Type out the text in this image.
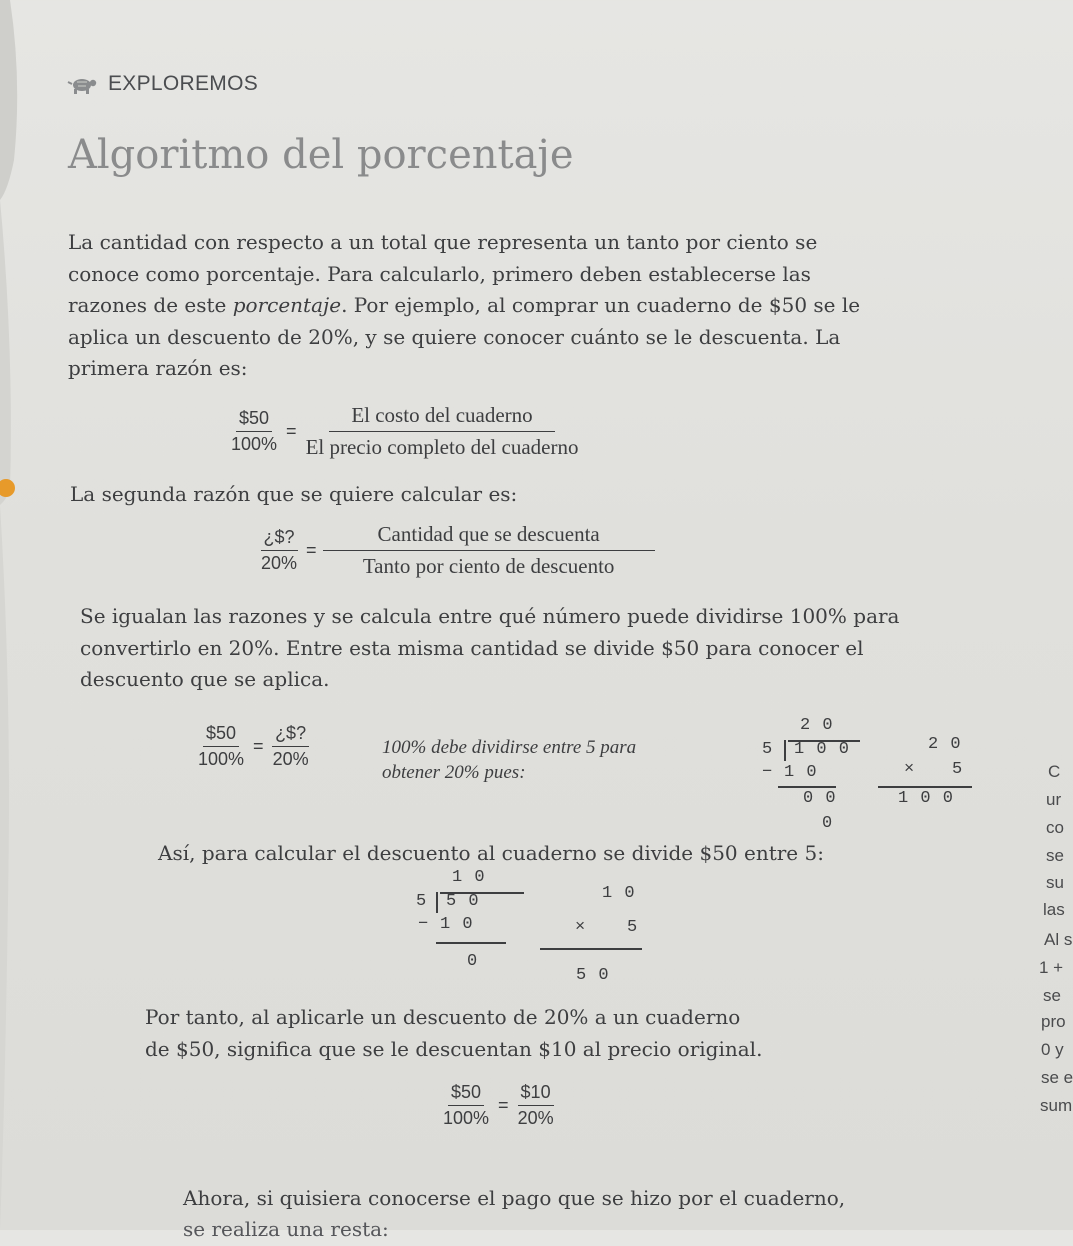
EXPLOREMOS
Algoritmo del porcentaje
La cantidad con respecto a un total que representa un tanto por ciento se
conoce como porcentaje. Para calcularlo, primero deben establecerse las
razones de este porcentaje. Por ejemplo, al comprar un cuaderno de $50 se le
aplica un descuento de 20%, y se quiere conocer cuánto se le descuenta. La
primera razón es:
$\frac{\$50}{100\%} = \frac{\text{El costo del cuaderno}}{\text{El precio completo del cuaderno}}$
La segunda razón que se quiere calcular es:
$\frac{¿\$?}{20\%} = \frac{\text{Cantidad que se descuenta}}{\text{Tanto por ciento de descuento}}$
Se igualan las razones y se calcula entre qué número puede dividirse 100% para
convertirlo en 20%. Entre esta misma cantidad se divide $50 para conocer el
descuento que se aplica.
$\frac{\$50}{100\%} = \frac{¿\$?}{20\%}$	100% debe dividirse entre 5 para
obtener 20% pues:
2 0
5 1 0 0
− 1 0
0 0
0
2 0
× 5
1 0 0
Así, para calcular el descuento al cuaderno se divide $50 entre 5:
1 0
5 5 0
− 1 0
0
1 0
× 5
5 0
Por tanto, al aplicarle un descuento de 20% a un cuaderno
de $50, significa que se le descuentan $10 al precio original.
$\frac{\$50}{100\%} = \frac{\$10}{20\%}$
Ahora, si quisiera conocerse el pago que se hizo por el cuaderno,
se realiza una resta:
C
ur
co
se
su
las
Al s
1 +
se
pro
0 y
se e
sum
